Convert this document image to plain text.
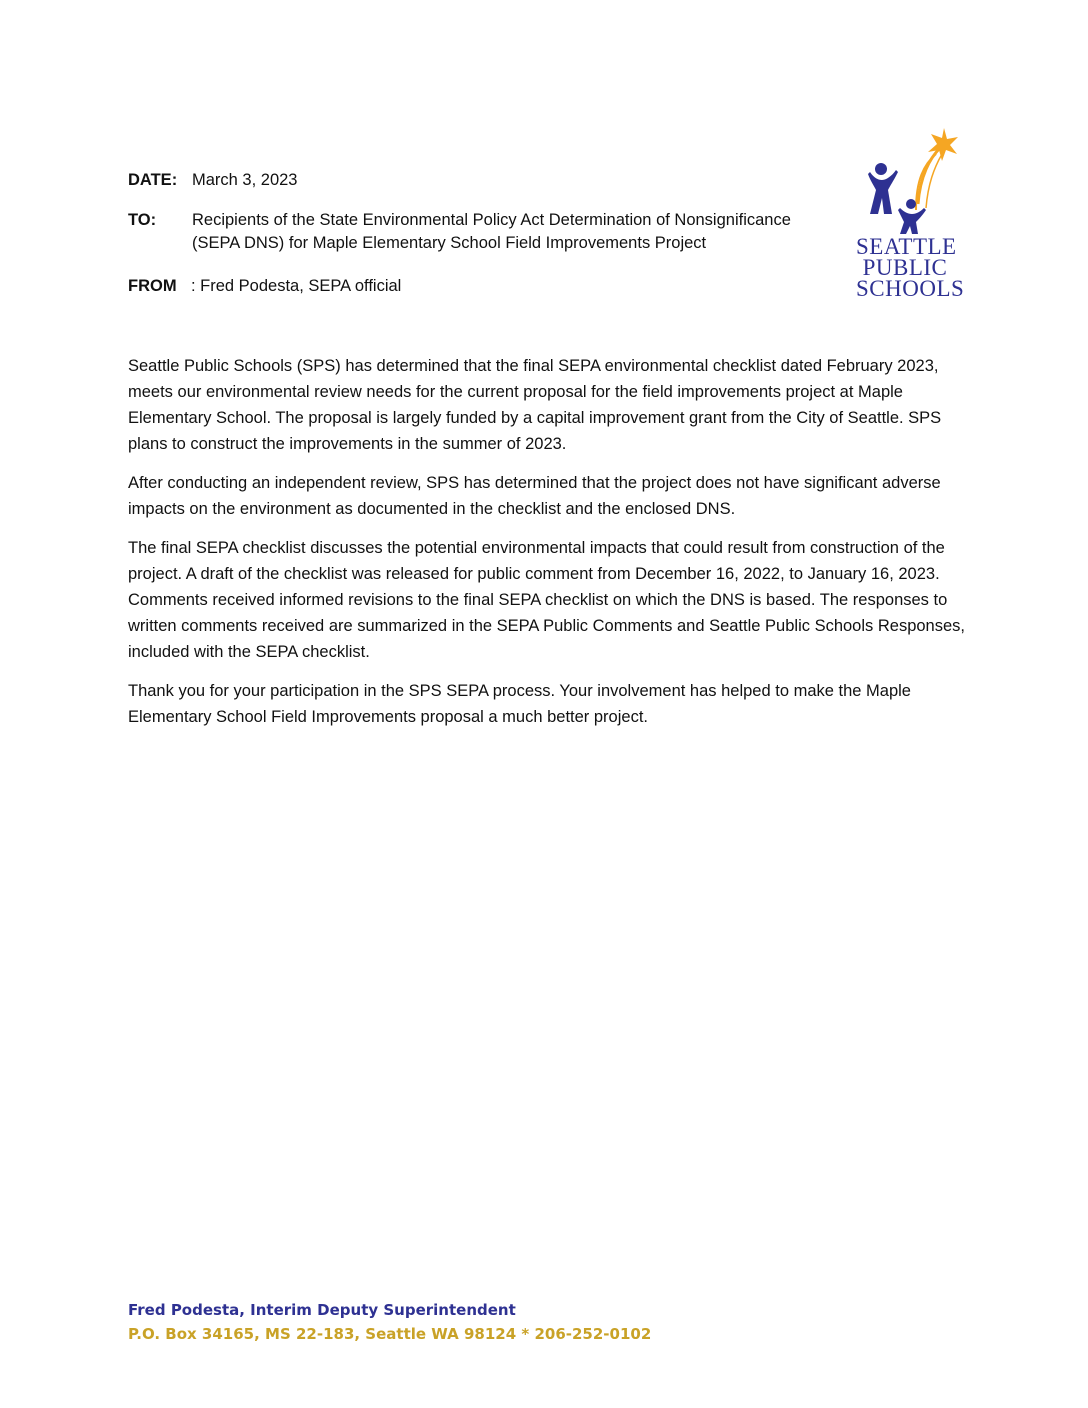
DATE: March 3, 2023
TO: Recipients of the State Environmental Policy Act Determination of Nonsignificance
(SEPA DNS) for Maple Elementary School Field Improvements Project
FROM : Fred Podesta, SEPA official
SEATTLE
PUBLIC
SCHOOLS

Seattle Public Schools (SPS) has determined that the final SEPA environmental checklist dated February 2023, meets our environmental review needs for the current proposal for the field improvements project at Maple Elementary School. The proposal is largely funded by a capital improvement grant from the City of Seattle. SPS plans to construct the improvements in the summer of 2023.

After conducting an independent review, SPS has determined that the project does not have significant adverse impacts on the environment as documented in the checklist and the enclosed DNS.

The final SEPA checklist discusses the potential environmental impacts that could result from construction of the project. A draft of the checklist was released for public comment from December 16, 2022, to January 16, 2023. Comments received informed revisions to the final SEPA checklist on which the DNS is based. The responses to written comments received are summarized in the SEPA Public Comments and Seattle Public Schools Responses, included with the SEPA checklist.

Thank you for your participation in the SPS SEPA process. Your involvement has helped to make the Maple Elementary School Field Improvements proposal a much better project.

Fred Podesta, Interim Deputy Superintendent
P.O. Box 34165, MS 22-183, Seattle WA 98124 * 206-252-0102
